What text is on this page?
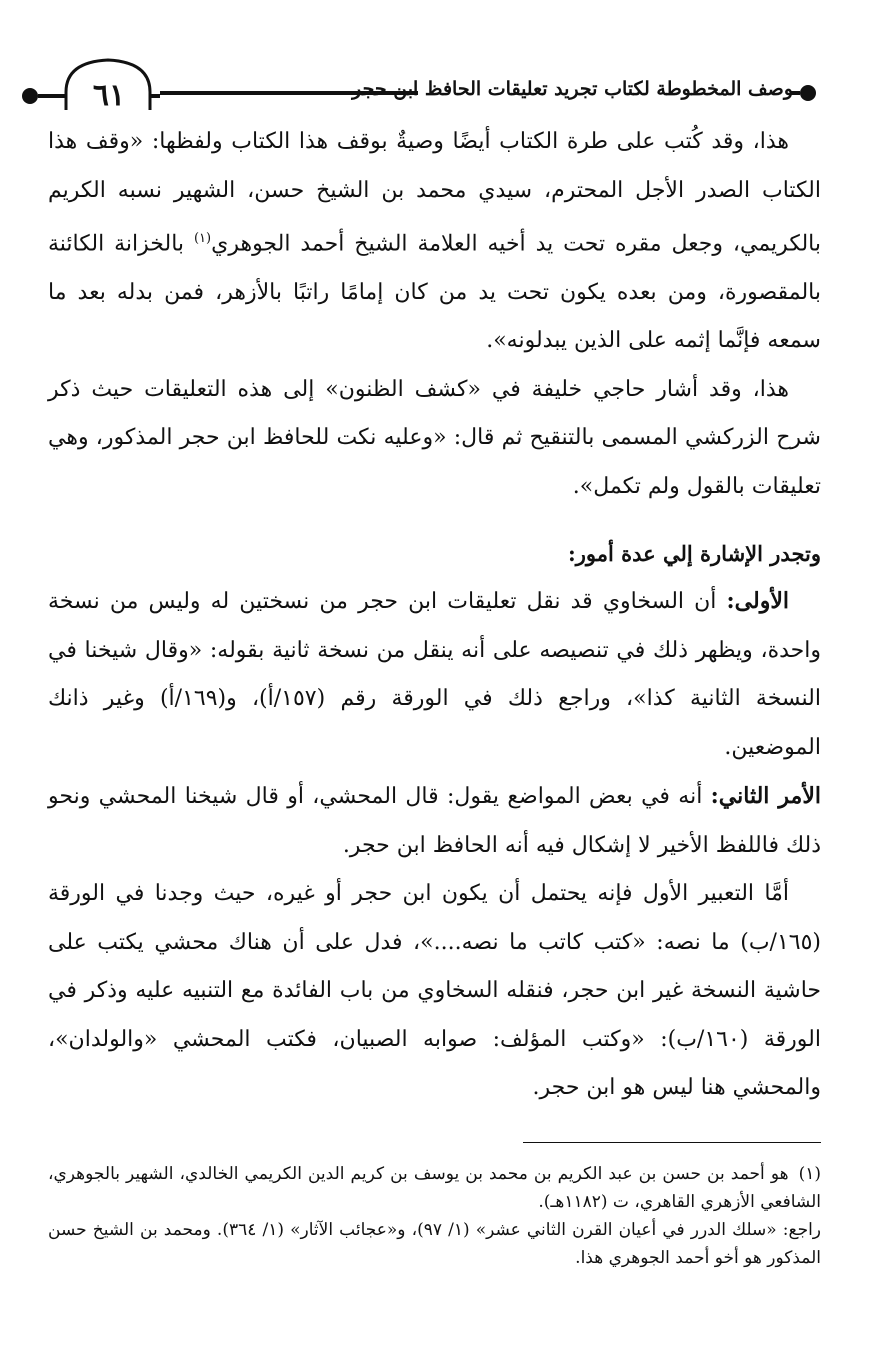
٦١	وصف المخطوطة لكتاب تجريد تعليقات الحافظ ابن حجر

هذا، وقد كُتب على طرة الكتاب أيضًا وصيةٌ بوقف هذا الكتاب ولفظها: «وقف هذا الكتاب الصدر الأجل المحترم، سيدي محمد بن الشيخ حسن، الشهير نسبه الكريم بالكريمي، وجعل مقره تحت يد أخيه العلامة الشيخ أحمد الجوهري$^{(١)}$ بالخزانة الكائنة بالمقصورة، ومن بعده يكون تحت يد من كان إمامًا راتبًا بالأزهر، فمن بدله بعد ما سمعه فإنَّما إثمه على الذين يبدلونه».

هذا، وقد أشار حاجي خليفة في «كشف الظنون» إلى هذه التعليقات حيث ذكر شرح الزركشي المسمى بالتنقيح ثم قال: «وعليه نكت للحافظ ابن حجر المذكور، وهي تعليقات بالقول ولم تكمل».

وتجدر الإشارة إلي عدة أمور:

الأولى: أن السخاوي قد نقل تعليقات ابن حجر من نسختين له وليس من نسخة واحدة، ويظهر ذلك في تنصيصه على أنه ينقل من نسخة ثانية بقوله: «وقال شيخنا في النسخة الثانية كذا»، وراجع ذلك في الورقة رقم (١٥٧/أ)، و(١٦٩/أ) وغير ذانك الموضعين.

الأمر الثاني: أنه في بعض المواضع يقول: قال المحشي، أو قال شيخنا المحشي ونحو ذلك فاللفظ الأخير لا إشكال فيه أنه الحافظ ابن حجر.

أمَّا التعبير الأول فإنه يحتمل أن يكون ابن حجر أو غيره، حيث وجدنا في الورقة (١٦٥/ب) ما نصه: «كتب كاتب ما نصه....»، فدل على أن هناك محشي يكتب على حاشية النسخة غير ابن حجر، فنقله السخاوي من باب الفائدة مع التنبيه عليه وذكر في الورقة (١٦٠/ب): «وكتب المؤلف: صوابه الصبيان، فكتب المحشي «والولدان»، والمحشي هنا ليس هو ابن حجر.

(١)هو أحمد بن حسن بن عبد الكريم بن محمد بن يوسف بن كريم الدين الكريمي الخالدي، الشهير بالجوهري، الشافعي الأزهري القاهري، ت (١١٨٢هـ).

راجع: «سلك الدرر في أعيان القرن الثاني عشر» (١/ ٩٧)، و«عجائب الآثار» (١/ ٣٦٤). ومحمد بن الشيخ حسن المذكور هو أخو أحمد الجوهري هذا.
